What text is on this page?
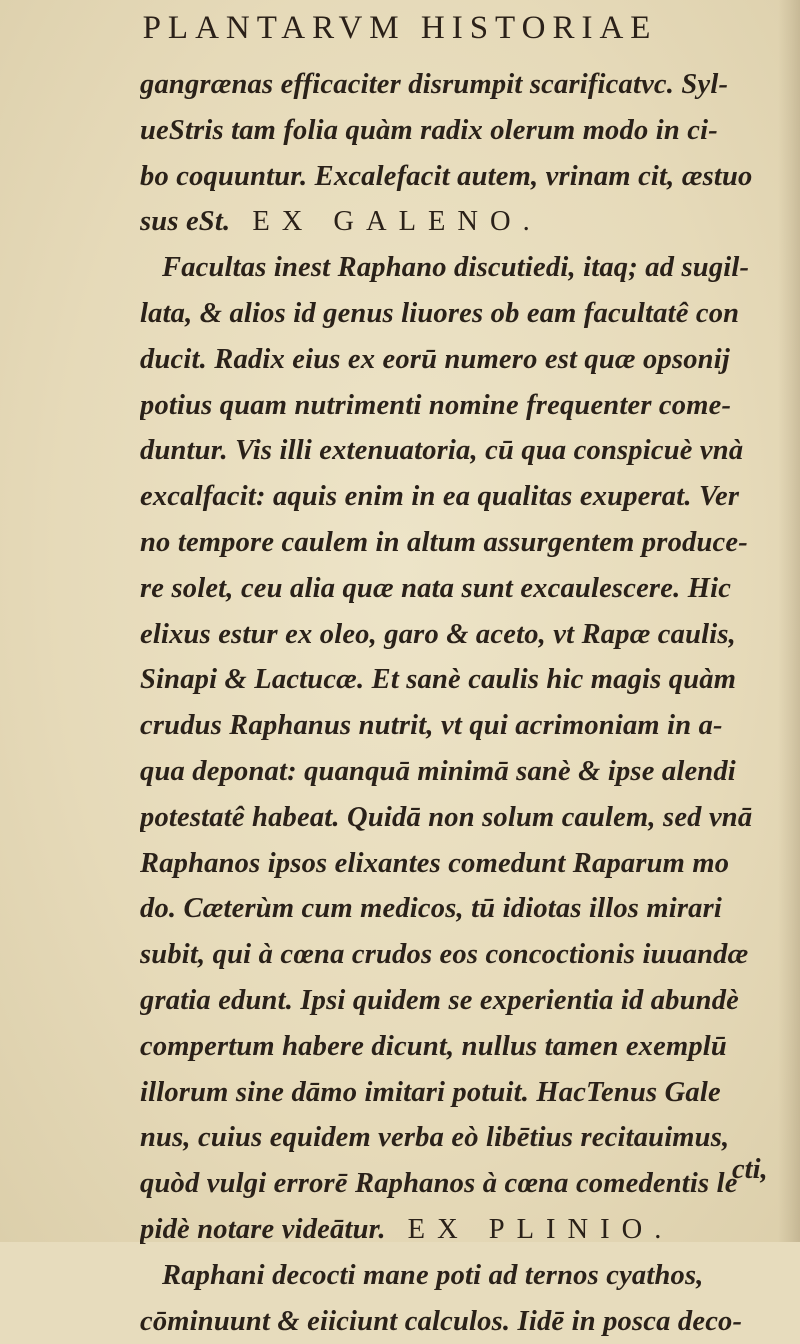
PLANTARVM HISTORIAE
gangrænas efficaciter disrumpit scarificatvc. Syl-
ueStris tam folia quàm radix olerum modo in ci-
bo coquuntur. Excalefacit autem, vrinam cit, æstuo
sus eSt. EX GALENO.
Facultas inest Raphano discutiedi, itaq; ad sugil-
lata, & alios id genus liuores ob eam facultatê con
ducit. Radix eius ex eorū numero est quæ opsonij
potius quam nutrimenti nomine frequenter come-
duntur. Vis illi extenuatoria, cū qua conspicuè vnà
excalfacit: aquis enim in ea qualitas exuperat. Ver
no tempore caulem in altum assurgentem produce-
re solet, ceu alia quæ nata sunt excaulescere. Hic
elixus estur ex oleo, garo & aceto, vt Rapæ caulis,
Sinapi & Lactucæ. Et sanè caulis hic magis quàm
crudus Raphanus nutrit, vt qui acrimoniam in a-
qua deponat: quanquā minimā sanè & ipse alendi
potestatê habeat. Quidā non solum caulem, sed vnā
Raphanos ipsos elixantes comedunt Raparum mo
do. Cæterùm cum medicos, tū idiotas illos mirari
subit, qui à cœna crudos eos concoctionis iuuandæ
gratia edunt. Ipsi quidem se experientia id abundè
compertum habere dicunt, nullus tamen exemplū
illorum sine dāmo imitari potuit. HacTenus Gale
nus, cuius equidem verba eò libētius recitauimus,
quòd vulgi errorē Raphanos à cœna comedentis le
pidè notare videātur. EX PLINIO.
Raphani decocti mane poti ad ternos cyathos,
cōminuunt & eiiciunt calculos. Iidē in posca deco-
cti,
